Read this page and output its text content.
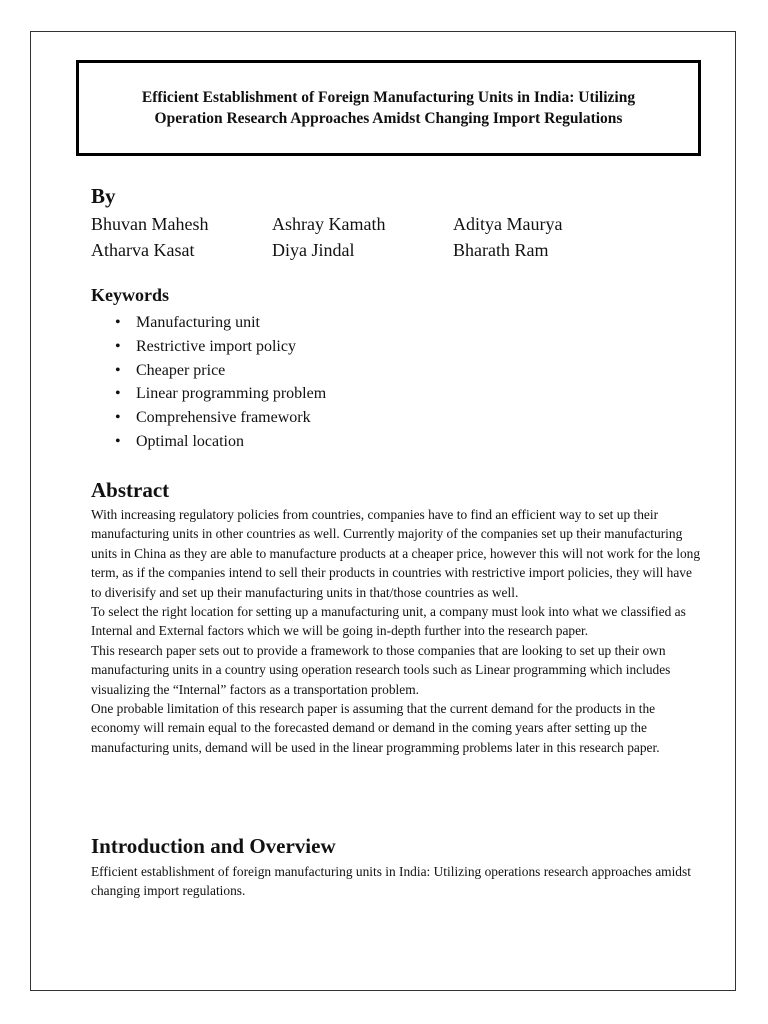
Efficient Establishment of Foreign Manufacturing Units in India: Utilizing
Operation Research Approaches Amidst Changing Import Regulations
By
Bhuvan Mahesh	Ashray Kamath	Aditya Maurya
Atharva Kasat	Diya Jindal	Bharath Ram
Keywords
• Manufacturing unit
• Restrictive import policy
• Cheaper price
• Linear programming problem
• Comprehensive framework
• Optimal location
Abstract

With increasing regulatory policies from countries, companies have to find an efficient way to set up their manufacturing units in other countries as well. Currently majority of the companies set up their manufacturing units in China as they are able to manufacture products at a cheaper price, however this will not work for the long term, as if the companies intend to sell their products in countries with restrictive import policies, they will have to diverisify and set up their manufacturing units in that/those countries as well.

To select the right location for setting up a manufacturing unit, a company must look into what we classified as Internal and External factors which we will be going in-depth further into the research paper.

This research paper sets out to provide a framework to those companies that are looking to set up their own manufacturing units in a country using operation research tools such as Linear programming which includes visualizing the “Internal” factors as a transportation problem.

One probable limitation of this research paper is assuming that the current demand for the products in the economy will remain equal to the forecasted demand or demand in the coming years after setting up the manufacturing units, demand will be used in the linear programming problems later in this research paper.

Introduction and Overview

Efficient establishment of foreign manufacturing units in India: Utilizing operations research approaches amidst changing import regulations.
